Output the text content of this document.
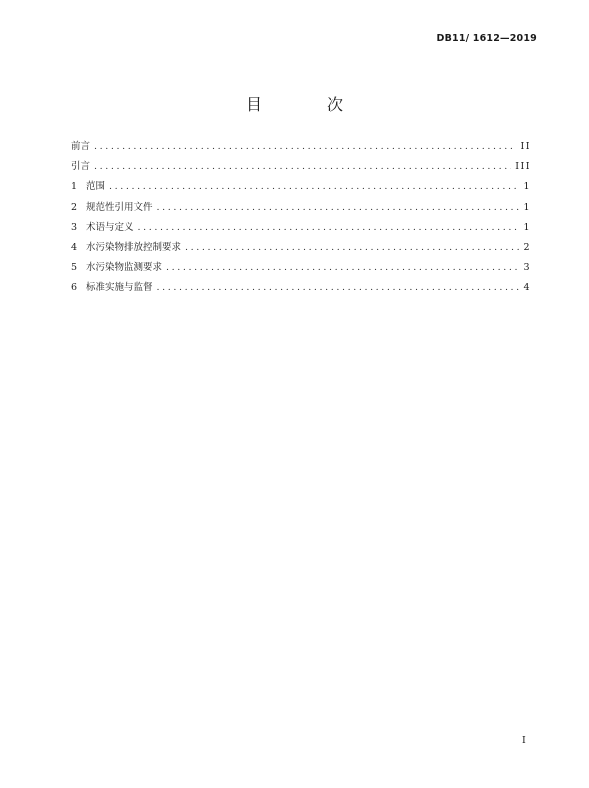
DB11/ 1612—2019
目 次
前言 .....	II
引言 .....	III
1 范围 .....	1
2 规范性引用文件 .....	1
3 术语与定义 .....	1
4 水污染物排放控制要求 .....	2
5 水污染物监测要求 .....	3
6 标准实施与监督 .....	4
I
